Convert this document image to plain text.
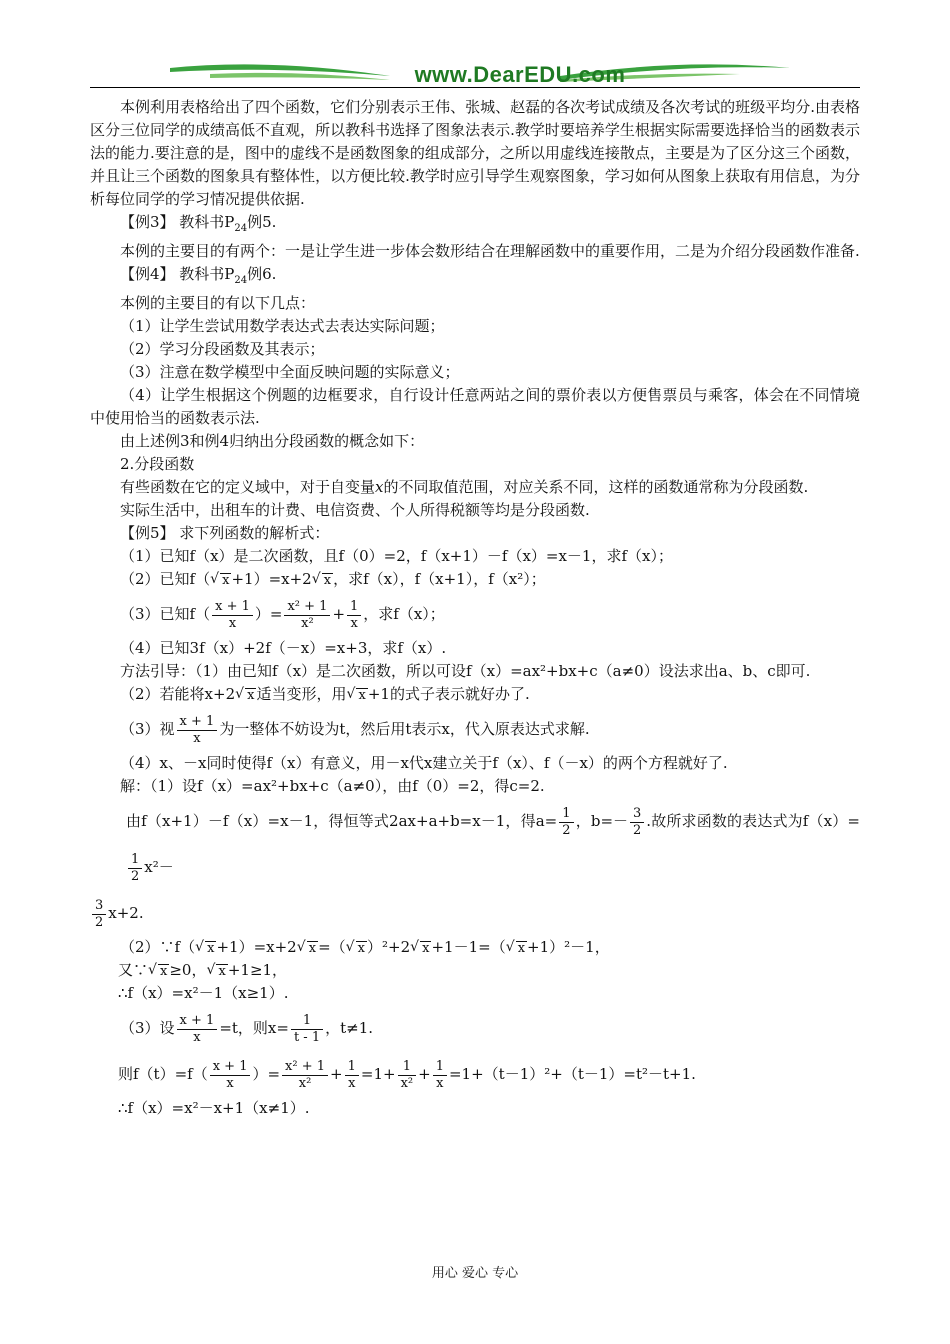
www.DearEDU.com

本例利用表格给出了四个函数，它们分别表示王伟、张城、赵磊的各次考试成绩及各次考试的班级平均分.由表格区分三位同学的成绩高低不直观，所以教科书选择了图象法表示.教学时要培养学生根据实际需要选择恰当的函数表示法的能力.要注意的是，图中的虚线不是函数图象的组成部分，之所以用虚线连接散点，主要是为了区分这三个函数，并且让三个函数的图象具有整体性，以方便比较.教学时应引导学生观察图象，学习如何从图象上获取有用信息，为分析每位同学的学习情况提供依据.

【例3】 教科书$P_{24}$例5.

本例的主要目的有两个：一是让学生进一步体会数形结合在理解函数中的重要作用，二是为介绍分段函数作准备.

【例4】 教科书$P_{24}$例6.

本例的主要目的有以下几点：

（1）让学生尝试用数学表达式去表达实际问题；

（2）学习分段函数及其表示；

（3）注意在数学模型中全面反映问题的实际意义；

（4）让学生根据这个例题的边框要求，自行设计任意两站之间的票价表以方便售票员与乘客，体会在不同情境中使用恰当的函数表示法.

由上述例3和例4归纳出分段函数的概念如下：

2.分段函数

有些函数在它的定义域中，对于自变量x的不同取值范围，对应关系不同，这样的函数通常称为分段函数.

实际生活中，出租车的计费、电信资费、个人所得税额等均是分段函数.

【例5】 求下列函数的解析式：

（1）已知f（x）是二次函数，且f（0）=2，f（x+1）－f（x）=x－1，求f（x）；

（2）已知f（ √ x +1）=x+2 √ x ，求f（x），f（x+1），f（x²）；

（3）已知$f( \frac{x + 1}{x}$ ）= $\frac{\text{x² + 1}}{\text{x²}} + \frac{1}{x}$ ，求f（x）；

（4）已知3f（x）+2f（－x）=x+3，求f（x）.

方法引导：（1）由已知f（x）是二次函数，所以可设f（x）=ax²+bx+c（a≠0）设法求出a、b、c即可.

（2）若能将x+2 √ x 适当变形，用 √ x +1的式子表示就好办了.

（3）视 $\frac{x + 1}{x}$ 为一整体不妨设为t，然后用t表示x，代入原表达式求解.

（4）x、－x同时使得f（x）有意义，用－x代x建立关于f（x）、f（－x）的两个方程就好了.

解：（1）设f（x）=ax²+bx+c（a≠0），由f（0）=2，得c=2.

由f（x+1）－f（x）=x－1，得恒等式2ax+a+b=x－1，得$a= \frac{1}{2}$ ，$b=- \frac{3}{2}$ .故所求函数的表达式为f（x）=
$\frac{1}{2} x^2-$

$\frac{3}{2} x+2$.

（2）∵f（ √ x +1）=x+2 √ x =（ √ x ）²+2 √ x +1－1=（ √ x +1）²－1，

又∵ √ x ≥0， √ x +1≥1，

∴f（x）=x²－1（x≥1）.

（3）设 $\frac{x + 1}{x} =t$，则$x= \frac{1}{t - 1}$ ，t≠1.

则$f(t)=f( \frac{x + 1}{x}$ ）= $\frac{\text{x² + 1}}{\text{x²}} + \frac{1}{x} =1+ \frac{1}{\text{x²}} + \frac{1}{x} =1+(t-1)^2+(t-1)=t^2-t+1$.

∴f（x）=x²－x+1（x≠1）.

用心 爱心 专心
